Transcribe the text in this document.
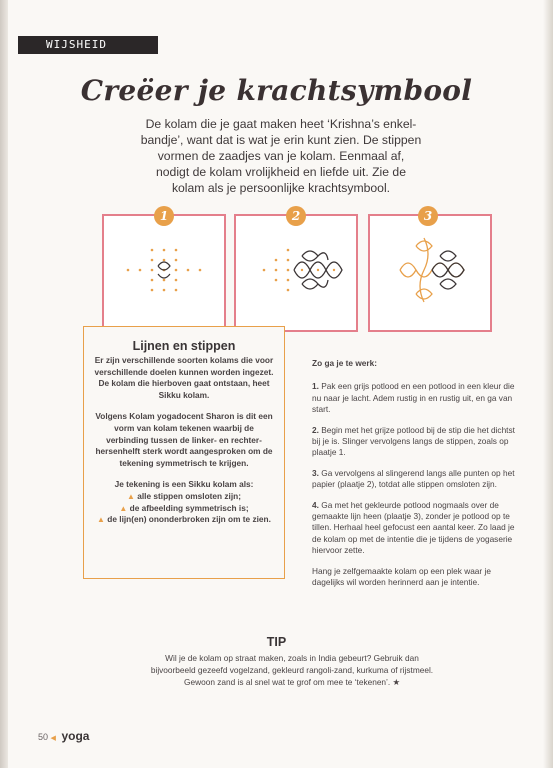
WIJSHEID
Creëer je krachtsymbool
De kolam die je gaat maken heet ‘Krishna’s enkel-bandje’, want dat is wat je erin kunt zien. De stippen vormen de zaadjes van je kolam. Eenmaal af, nodigt de kolam vrolijkheid en liefde uit. Zie de kolam als je persoonlijke krachtsymbool.
1	2	3
Lijnen en stippen

Er zijn verschillende soorten kolams die voor verschillende doelen kunnen worden ingezet. De kolam die hierboven gaat ontstaan, heet Sikku kolam.

Volgens Kolam yogadocent Sharon is dit een vorm van kolam tekenen waarbij de verbinding tussen de linker- en rechter-hersenhelft sterk wordt aangesproken om de tekening symmetrisch te krijgen.

Je tekening is een Sikku kolam als:
▲ alle stippen omsloten zijn;
▲ de afbeelding symmetrisch is;
▲ de lijn(en) ononderbroken zijn om te zien.

Zo ga je te werk:
1. Pak een grijs potlood en een potlood in een kleur die nu naar je lacht. Adem rustig in en rustig uit, en ga van start.
2. Begin met het grijze potlood bij de stip die het dichtst bij je is. Slinger vervolgens langs de stippen, zoals op plaatje 1.
3. Ga vervolgens al slingerend langs alle punten op het papier (plaatje 2), totdat alle stippen omsloten zijn.
4. Ga met het gekleurde potlood nogmaals over de gemaakte lijn heen (plaatje 3), zonder je potlood op te tillen. Herhaal heel gefocust een aantal keer. Zo laad je de kolam op met de intentie die je tijdens de yogaserie hiervoor zette.
Hang je zelfgemaakte kolam op een plek waar je dagelijks wil worden herinnerd aan je intentie.
TIP
Wil je de kolam op straat maken, zoals in India gebeurt? Gebruik dan bijvoorbeeld gezeefd vogelzand, gekleurd rangoli-zand, kurkuma of rijstmeel. Gewoon zand is al snel wat te grof om mee te ‘tekenen’. ★
50 ◀ yoga
